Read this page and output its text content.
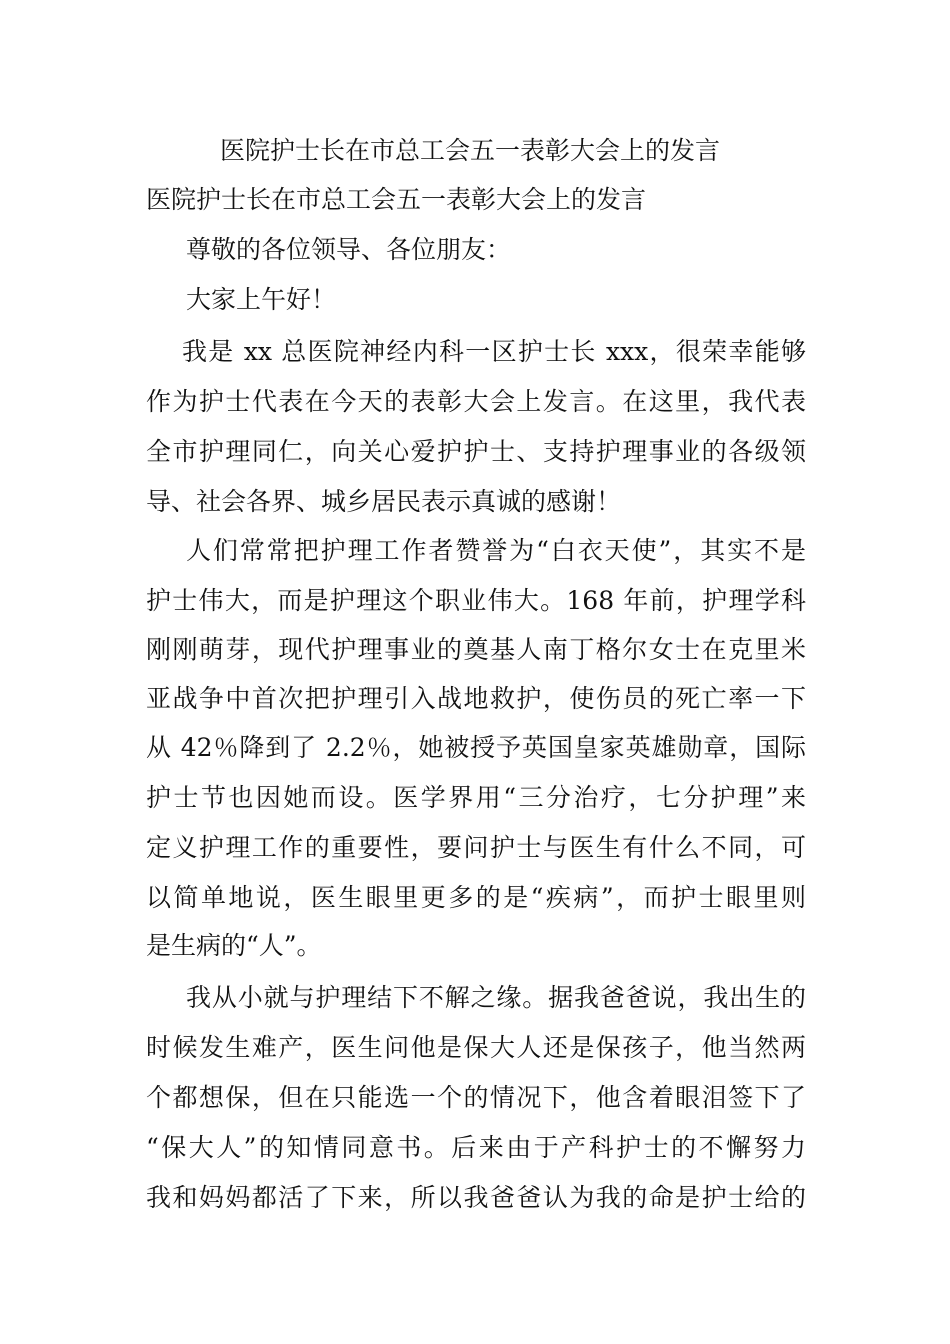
医院护士长在市总工会五一表彰大会上的发言
医院护士长在市总工会五一表彰大会上的发言
尊敬的各位领导、各位朋友：
大家上午好！
我是 xx 总医院神经内科一区护士长 xxx，很荣幸能够
作为护士代表在今天的表彰大会上发言。在这里，我代表
全市护理同仁，向关心爱护护士、支持护理事业的各级领
导、社会各界、城乡居民表示真诚的感谢！
人们常常把护理工作者赞誉为“白衣天使”，其实不是
护士伟大，而是护理这个职业伟大。168 年前，护理学科
刚刚萌芽，现代护理事业的奠基人南丁格尔女士在克里米
亚战争中首次把护理引入战地救护，使伤员的死亡率一下
从 42％降到了 2.2％，她被授予英国皇家英雄勋章，国际
护士节也因她而设。医学界用“三分治疗，七分护理”来
定义护理工作的重要性，要问护士与医生有什么不同，可
以简单地说，医生眼里更多的是“疾病”，而护士眼里则
是生病的“人”。
我从小就与护理结下不解之缘。据我爸爸说，我出生的
时候发生难产，医生问他是保大人还是保孩子，他当然两
个都想保，但在只能选一个的情况下，他含着眼泪签下了
“保大人”的知情同意书。后来由于产科护士的不懈努力
我和妈妈都活了下来，所以我爸爸认为我的命是护士给的
